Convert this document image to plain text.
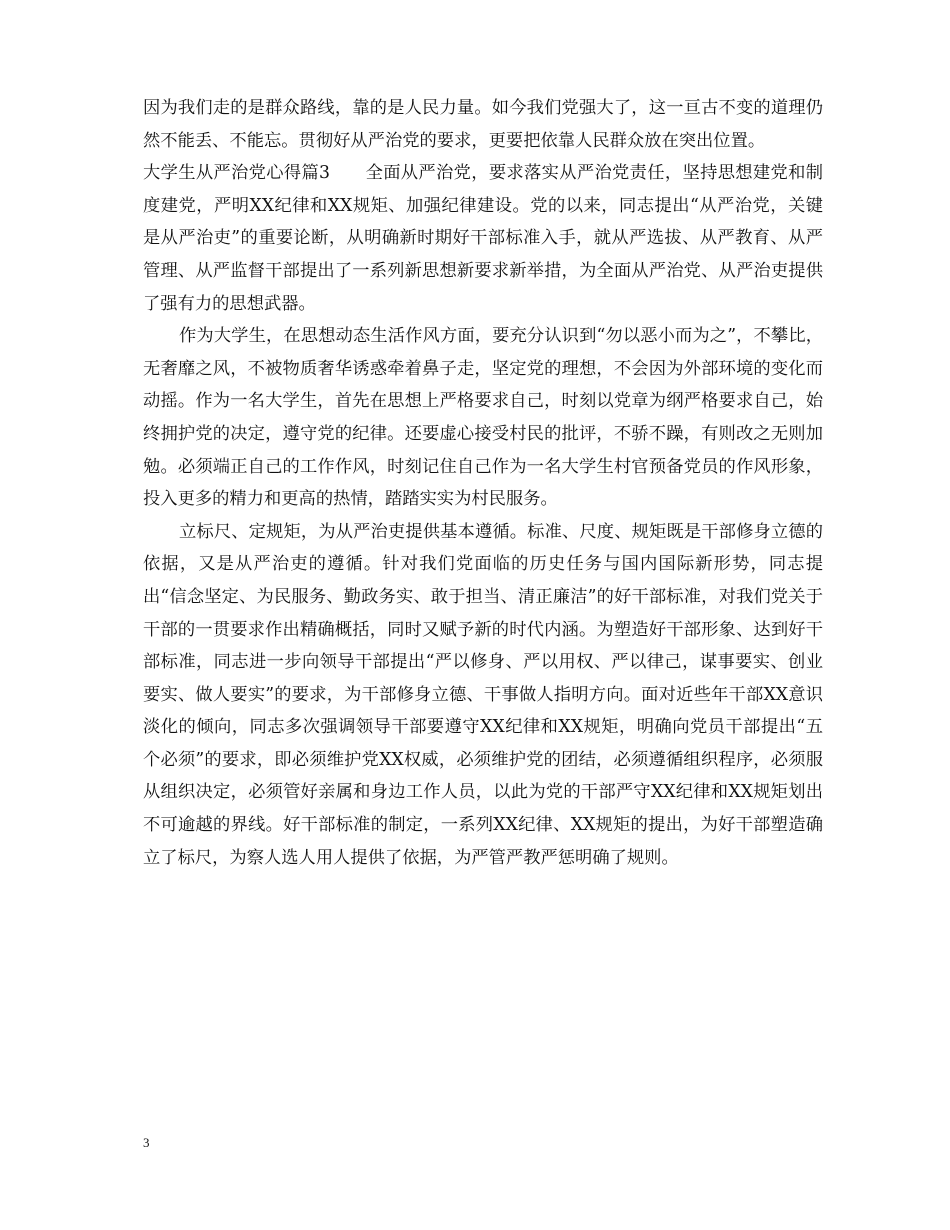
因为我们走的是群众路线，靠的是人民力量。如今我们党强大了，这一亘古不变的道理仍然不能丢、不能忘。贯彻好从严治党的要求，更要把依靠人民群众放在突出位置。

大学生从严治党心得篇3　　全面从严治党，要求落实从严治党责任，坚持思想建党和制度建党，严明XX纪律和XX规矩、加强纪律建设。党的以来，同志提出“从严治党，关键是从严治吏”的重要论断，从明确新时期好干部标准入手，就从严选拔、从严教育、从严管理、从严监督干部提出了一系列新思想新要求新举措，为全面从严治党、从严治吏提供了强有力的思想武器。

作为大学生，在思想动态生活作风方面，要充分认识到“勿以恶小而为之”，不攀比，无奢靡之风，不被物质奢华诱惑牵着鼻子走，坚定党的理想，不会因为外部环境的变化而动摇。作为一名大学生，首先在思想上严格要求自己，时刻以党章为纲严格要求自己，始终拥护党的决定，遵守党的纪律。还要虚心接受村民的批评，不骄不躁，有则改之无则加勉。必须端正自己的工作作风，时刻记住自己作为一名大学生村官预备党员的作风形象，投入更多的精力和更高的热情，踏踏实实为村民服务。

立标尺、定规矩，为从严治吏提供基本遵循。标准、尺度、规矩既是干部修身立德的依据，又是从严治吏的遵循。针对我们党面临的历史任务与国内国际新形势，同志提出“信念坚定、为民服务、勤政务实、敢于担当、清正廉洁”的好干部标准，对我们党关于干部的一贯要求作出精确概括，同时又赋予新的时代内涵。为塑造好干部形象、达到好干部标准，同志进一步向领导干部提出“严以修身、严以用权、严以律己，谋事要实、创业要实、做人要实”的要求，为干部修身立德、干事做人指明方向。面对近些年干部XX意识淡化的倾向，同志多次强调领导干部要遵守XX纪律和XX规矩，明确向党员干部提出“五个必须”的要求，即必须维护党XX权威，必须维护党的团结，必须遵循组织程序，必须服从组织决定，必须管好亲属和身边工作人员，以此为党的干部严守XX纪律和XX规矩划出不可逾越的界线。好干部标准的制定，一系列XX纪律、XX规矩的提出，为好干部塑造确立了标尺，为察人选人用人提供了依据，为严管严教严惩明确了规则。

3
